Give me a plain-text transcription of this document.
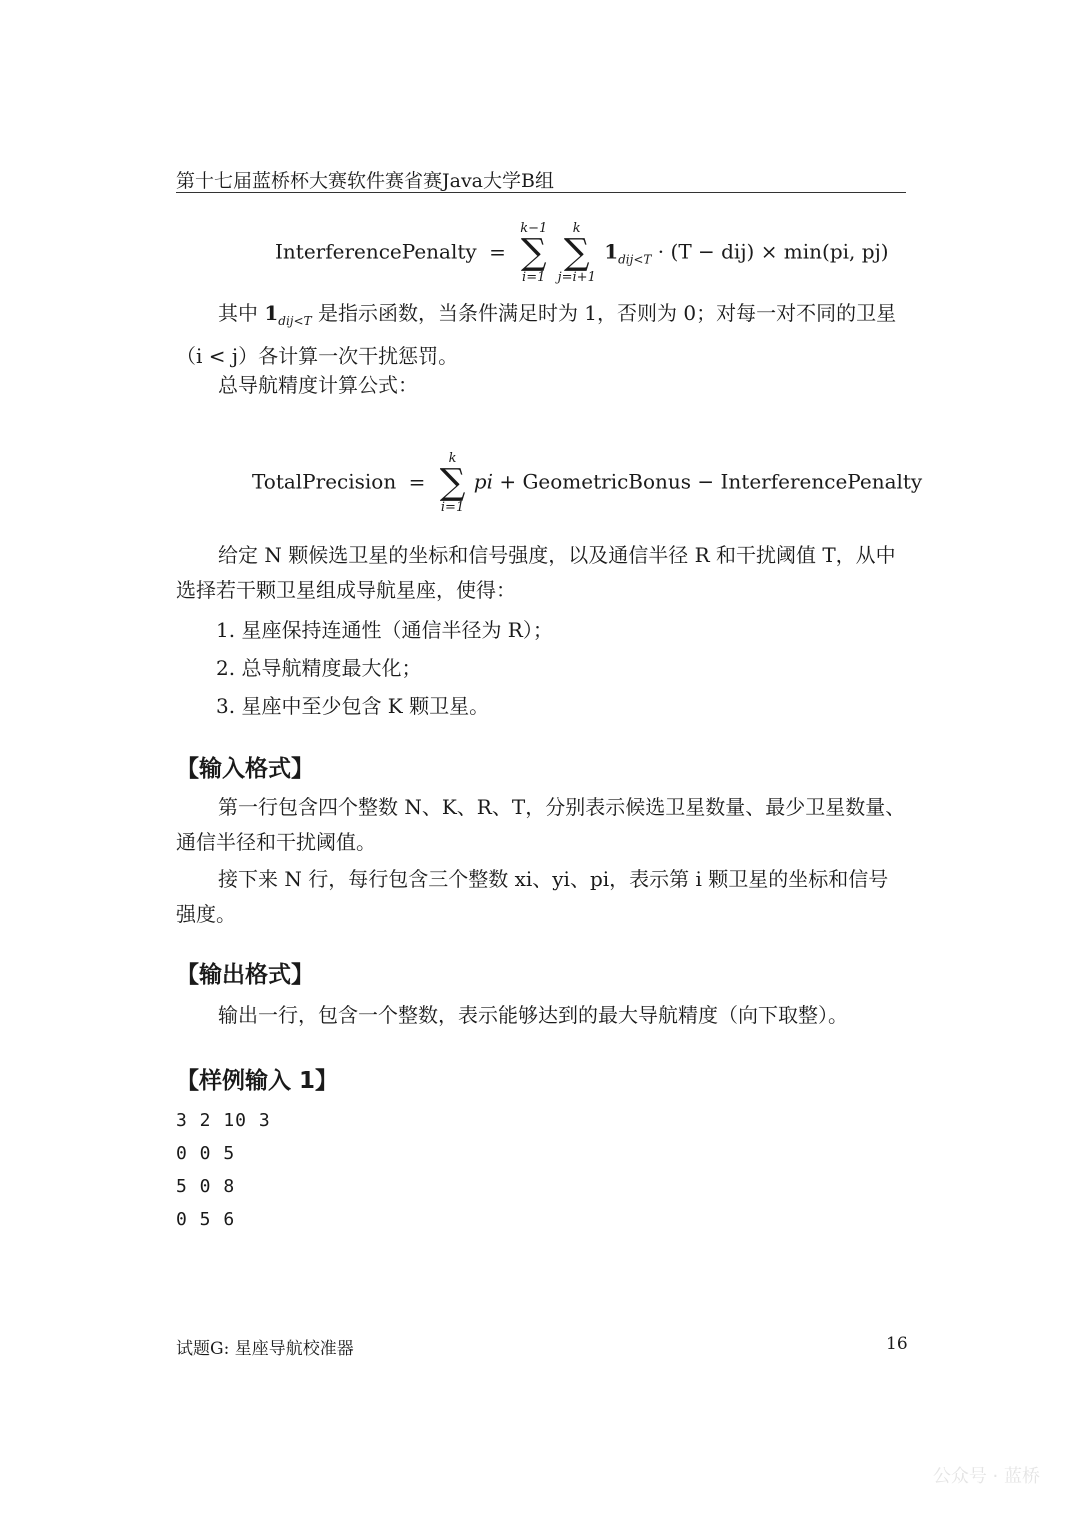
第十七届蓝桥杯大赛软件赛省赛Java大学B组
InterferencePenalty =
k−1
∑
i=1

k
∑
j=i+1
$1_{dij<T} \cdot (T - dij) \times \min(pi$, pj)
其中 $1_{dij<T}$ 是指示函数，当条件满足时为 1，否则为 0；对每一对不同的卫星（i < j）各计算一次干扰惩罚。
总导航精度计算公式：
TotalPrecision =
k
∑
i=1
pi + GeometricBonus − InterferencePenalty
给定 N 颗候选卫星的坐标和信号强度，以及通信半径 R 和干扰阈值 T，从中选择若干颗卫星组成导航星座，使得：
1. 星座保持连通性（通信半径为 R）；
2. 总导航精度最大化；
3. 星座中至少包含 K 颗卫星。
【输入格式】
第一行包含四个整数 N、K、R、T，分别表示候选卫星数量、最少卫星数量、通信半径和干扰阈值。
接下来 N 行，每行包含三个整数 xi、yi、pi，表示第 i 颗卫星的坐标和信号强度。
【输出格式】
输出一行，包含一个整数，表示能够达到的最大导航精度（向下取整）。
【样例输入 1】
3 2 10 3
0 0 5
5 0 8
0 5 6
试题G: 星座导航校准器	16
公众号 · 蓝桥
